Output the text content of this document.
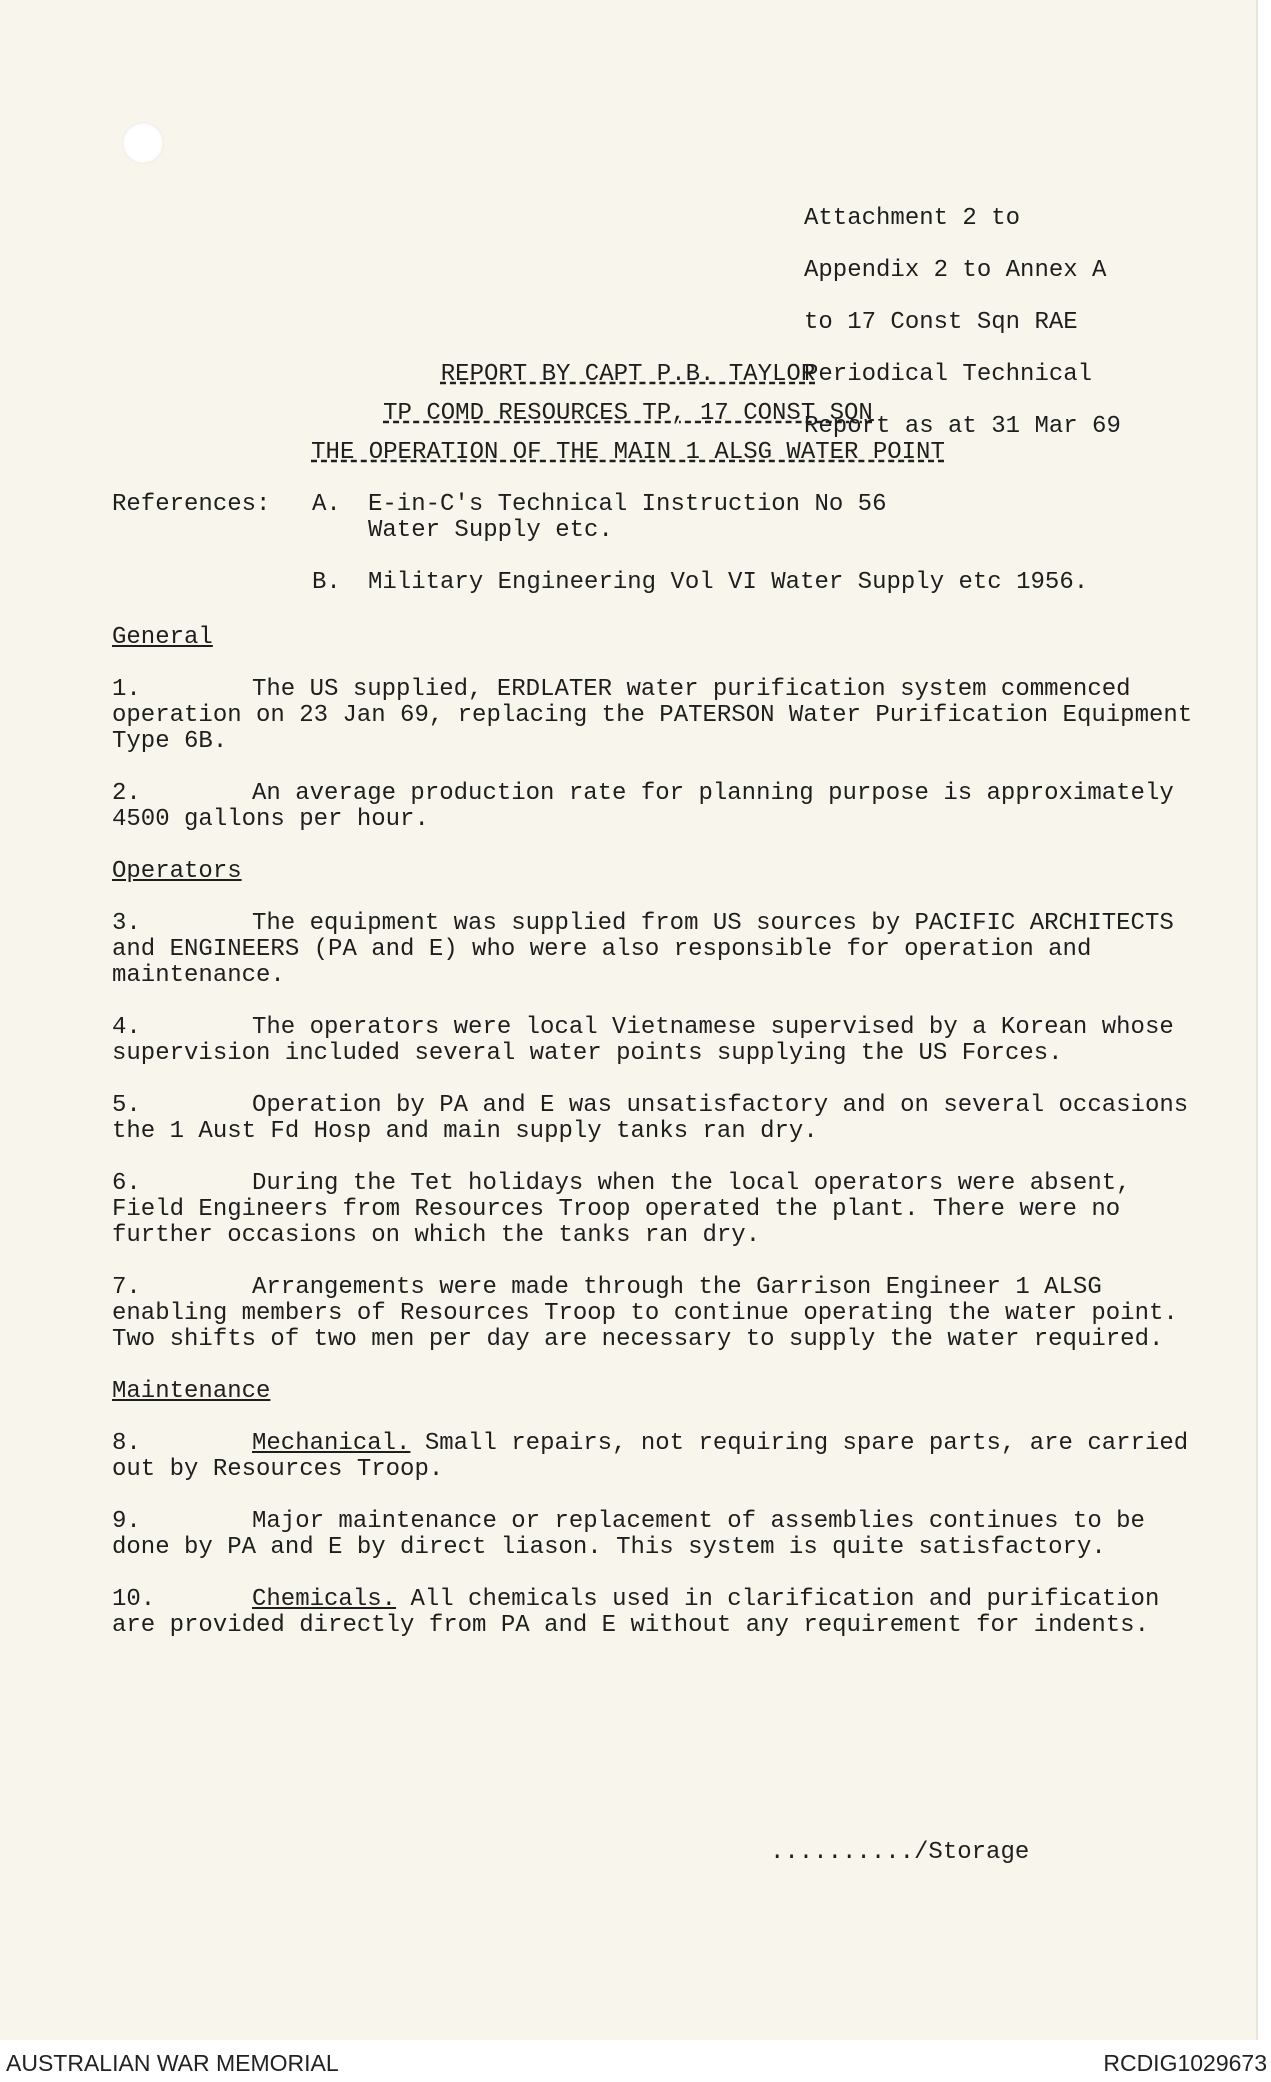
Attachment 2 to

Appendix 2 to Annex A

to 17 Const Sqn RAE

Periodical Technical

Report as at 31 Mar 69

REPORT BY CAPT P.B. TAYLOR
TP COMD RESOURCES TP, 17 CONST SQN
THE OPERATION OF THE MAIN 1 ALSG WATER POINT
References:	A.	E-in-C's Technical Instruction No 56
Water Supply etc.
B.	Military Engineering Vol VI Water Supply etc 1956.
General
1.	The US supplied, ERDLATER water purification system commenced operation on 23 Jan 69, replacing the PATERSON Water Purification Equipment Type 6B.
2.	An average production rate for planning purpose is approximately 4500 gallons per hour.
Operators
3.	The equipment was supplied from US sources by PACIFIC ARCHITECTS and ENGINEERS (PA and E) who were also responsible for operation and maintenance.
4.	The operators were local Vietnamese supervised by a Korean whose supervision included several water points supplying the US Forces.
5.	Operation by PA and E was unsatisfactory and on several occasions the 1 Aust Fd Hosp and main supply tanks ran dry.
6.	During the Tet holidays when the local operators were absent, Field Engineers from Resources Troop operated the plant. There were no further occasions on which the tanks ran dry.
7.	Arrangements were made through the Garrison Engineer 1 ALSG enabling members of Resources Troop to continue operating the water point. Two shifts of two men per day are necessary to supply the water required.
Maintenance
8.	Mechanical. Small repairs, not requiring spare parts, are carried out by Resources Troop.
9.	Major maintenance or replacement of assemblies continues to be done by PA and E by direct liason. This system is quite satisfactory.
10.	Chemicals. All chemicals used in clarification and purification are provided directly from PA and E without any requirement for indents.
........../Storage
AUSTRALIAN WAR MEMORIAL	RCDIG1029673
